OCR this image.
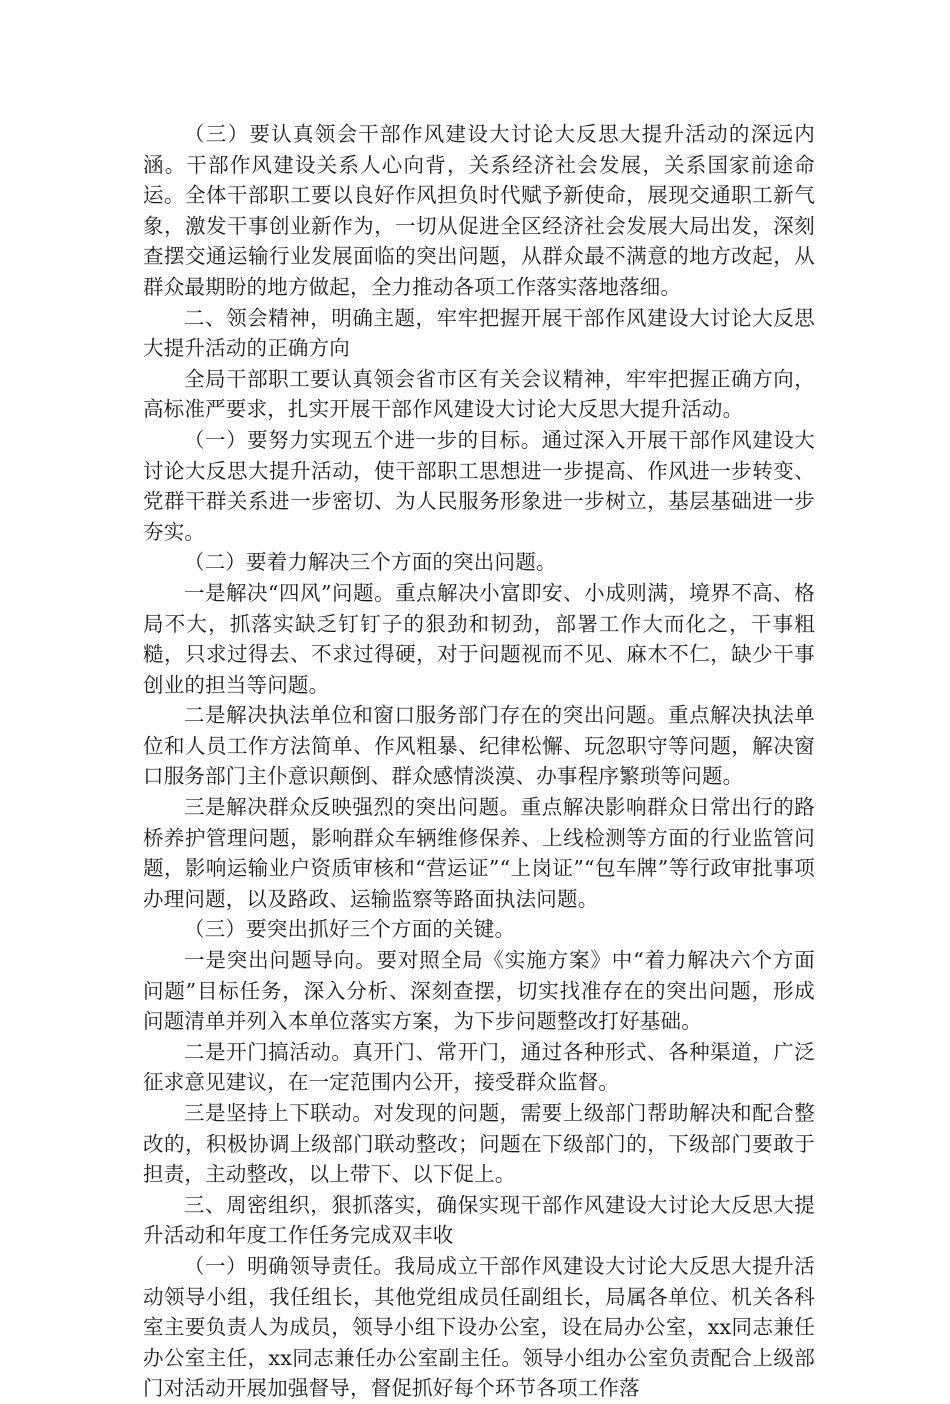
（三）要认真领会干部作风建设大讨论大反思大提升活动的深远内涵。干部作风建设关系人心向背，关系经济社会发展，关系国家前途命运。全体干部职工要以良好作风担负时代赋予新使命，展现交通职工新气象，激发干事创业新作为，一切从促进全区经济社会发展大局出发，深刻查摆交通运输行业发展面临的突出问题，从群众最不满意的地方改起，从群众最期盼的地方做起，全力推动各项工作落实落地落细。

二、领会精神，明确主题，牢牢把握开展干部作风建设大讨论大反思大提升活动的正确方向

全局干部职工要认真领会省市区有关会议精神，牢牢把握正确方向，高标准严要求，扎实开展干部作风建设大讨论大反思大提升活动。

（一）要努力实现五个进一步的目标。通过深入开展干部作风建设大讨论大反思大提升活动，使干部职工思想进一步提高、作风进一步转变、党群干群关系进一步密切、为人民服务形象进一步树立，基层基础进一步夯实。

（二）要着力解决三个方面的突出问题。

一是解决“四风”问题。重点解决小富即安、小成则满，境界不高、格局不大，抓落实缺乏钉钉子的狠劲和韧劲，部署工作大而化之，干事粗糙，只求过得去、不求过得硬，对于问题视而不见、麻木不仁，缺少干事创业的担当等问题。

二是解决执法单位和窗口服务部门存在的突出问题。重点解决执法单位和人员工作方法简单、作风粗暴、纪律松懈、玩忽职守等问题，解决窗口服务部门主仆意识颠倒、群众感情淡漠、办事程序繁琐等问题。

三是解决群众反映强烈的突出问题。重点解决影响群众日常出行的路桥养护管理问题，影响群众车辆维修保养、上线检测等方面的行业监管问题，影响运输业户资质审核和“营运证”“上岗证”“包车牌”等行政审批事项办理问题，以及路政、运输监察等路面执法问题。

（三）要突出抓好三个方面的关键。

一是突出问题导向。要对照全局《实施方案》中“着力解决六个方面问题”目标任务，深入分析、深刻查摆，切实找准存在的突出问题，形成问题清单并列入本单位落实方案，为下步问题整改打好基础。

二是开门搞活动。真开门、常开门，通过各种形式、各种渠道，广泛征求意见建议，在一定范围内公开，接受群众监督。

三是坚持上下联动。对发现的问题，需要上级部门帮助解决和配合整改的，积极协调上级部门联动整改；问题在下级部门的，下级部门要敢于担责，主动整改，以上带下、以下促上。

三、周密组织，狠抓落实，确保实现干部作风建设大讨论大反思大提升活动和年度工作任务完成双丰收

（一）明确领导责任。我局成立干部作风建设大讨论大反思大提升活动领导小组，我任组长，其他党组成员任副组长，局属各单位、机关各科室主要负责人为成员，领导小组下设办公室，设在局办公室，xx同志兼任办公室主任，xx同志兼任办公室副主任。领导小组办公室负责配合上级部门对活动开展加强督导，督促抓好每个环节各项工作落
